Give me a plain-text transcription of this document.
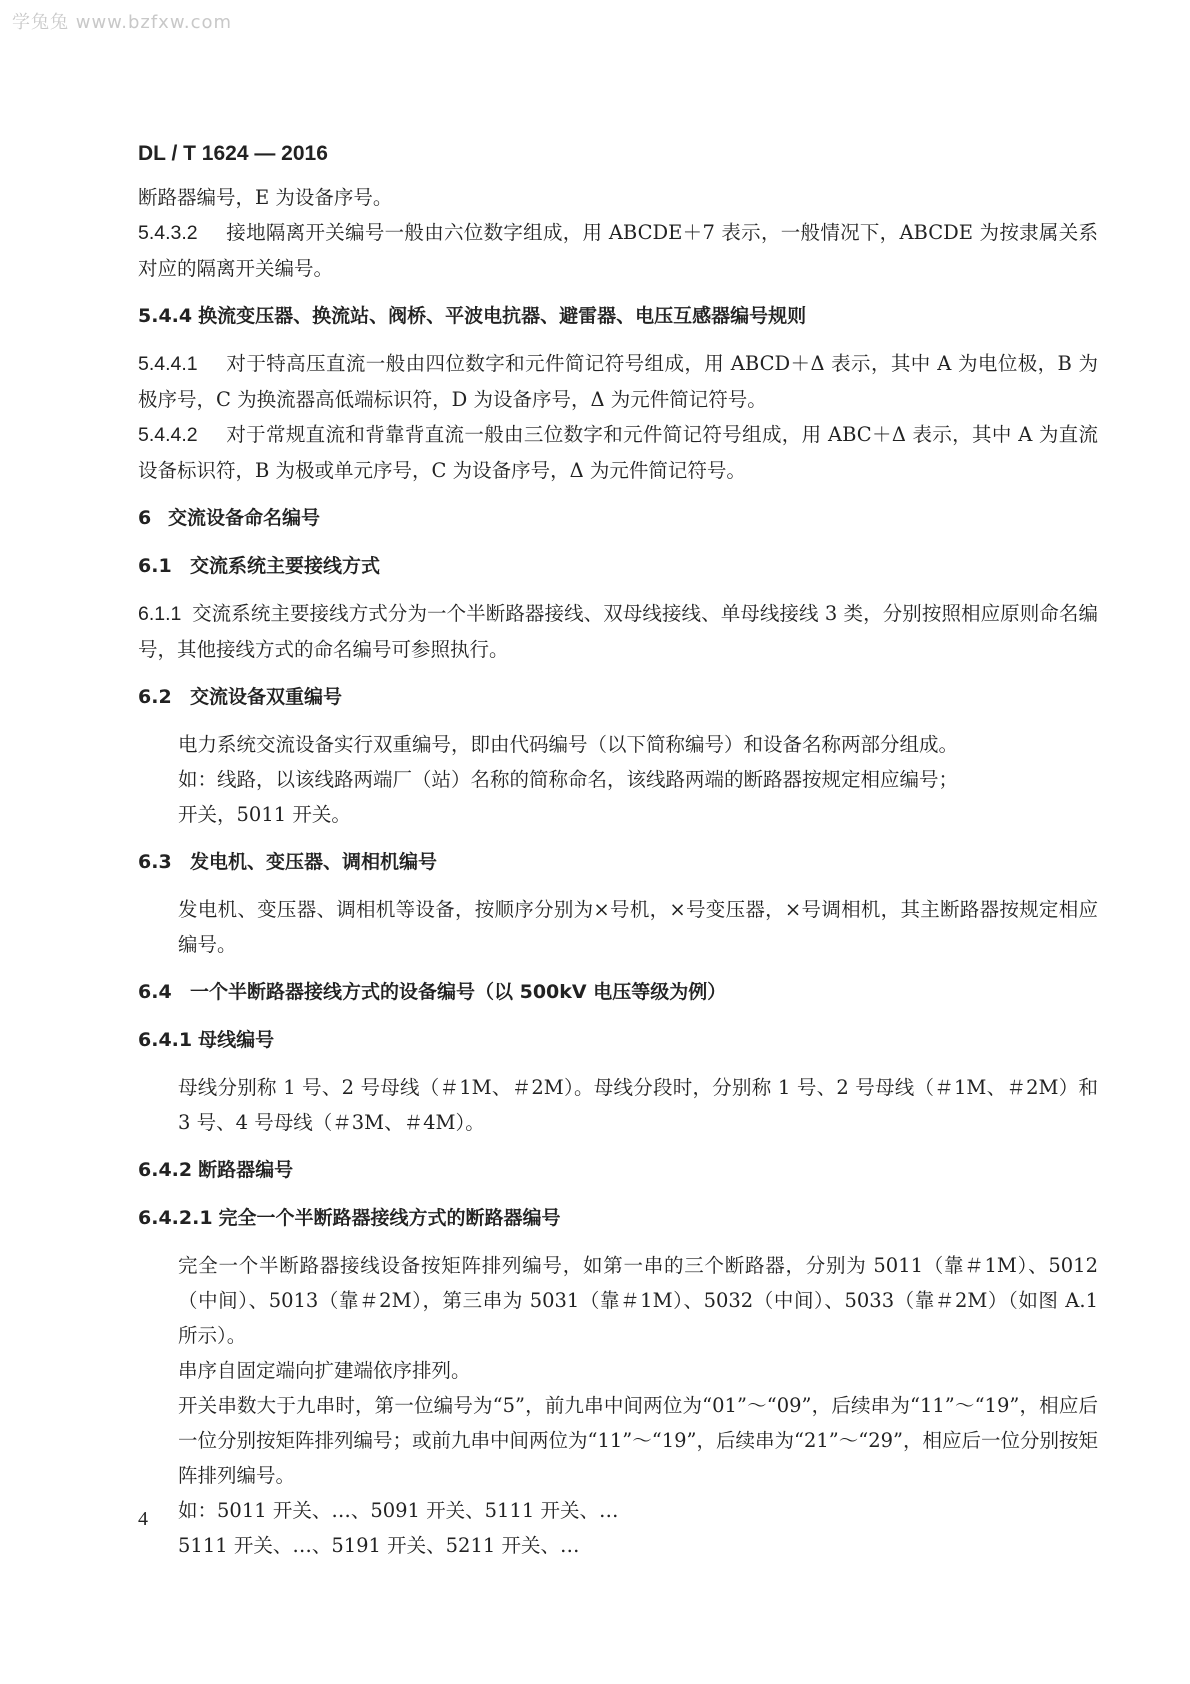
学兔兔 www.bzfxw.com
DL / T 1624 — 2016

断路器编号，E 为设备序号。

5.4.3.2 接地隔离开关编号一般由六位数字组成，用 ABCDE＋7 表示，一般情况下，ABCDE 为按隶属关系对应的隔离开关编号。

5.4.4 换流变压器、换流站、阀桥、平波电抗器、避雷器、电压互感器编号规则

5.4.4.1 对于特高压直流一般由四位数字和元件简记符号组成，用 ABCD＋Δ 表示，其中 A 为电位极，B 为极序号，C 为换流器高低端标识符，D 为设备序号，Δ 为元件简记符号。

5.4.4.2 对于常规直流和背靠背直流一般由三位数字和元件简记符号组成，用 ABC＋Δ 表示，其中 A 为直流设备标识符，B 为极或单元序号，C 为设备序号，Δ 为元件简记符号。

6 交流设备命名编号
6.1 交流系统主要接线方式

6.1.1 交流系统主要接线方式分为一个半断路器接线、双母线接线、单母线接线 3 类，分别按照相应原则命名编号，其他接线方式的命名编号可参照执行。

6.2 交流设备双重编号

电力系统交流设备实行双重编号，即由代码编号（以下简称编号）和设备名称两部分组成。

如：线路，以该线路两端厂（站）名称的简称命名，该线路两端的断路器按规定相应编号；

开关，5011 开关。

6.3 发电机、变压器、调相机编号

发电机、变压器、调相机等设备，按顺序分别为×号机，×号变压器，×号调相机，其主断路器按规定相应编号。

6.4 一个半断路器接线方式的设备编号（以 500kV 电压等级为例）
6.4.1 母线编号

母线分别称 1 号、2 号母线（＃1M、＃2M）。母线分段时，分别称 1 号、2 号母线（＃1M、＃2M）和 3 号、4 号母线（＃3M、＃4M）。

6.4.2 断路器编号
6.4.2.1 完全一个半断路器接线方式的断路器编号

完全一个半断路器接线设备按矩阵排列编号，如第一串的三个断路器，分别为 5011（靠＃1M）、5012（中间）、5013（靠＃2M），第三串为 5031（靠＃1M）、5032（中间）、5033（靠＃2M）（如图 A.1 所示）。

串序自固定端向扩建端依序排列。

开关串数大于九串时，第一位编号为“5”，前九串中间两位为“01”～“09”，后续串为“11”～“19”，相应后一位分别按矩阵排列编号；或前九串中间两位为“11”～“19”，后续串为“21”～“29”，相应后一位分别按矩阵排列编号。

如：5011 开关、…、5091 开关、5111 开关、…

5111 开关、…、5191 开关、5211 开关、…

4
